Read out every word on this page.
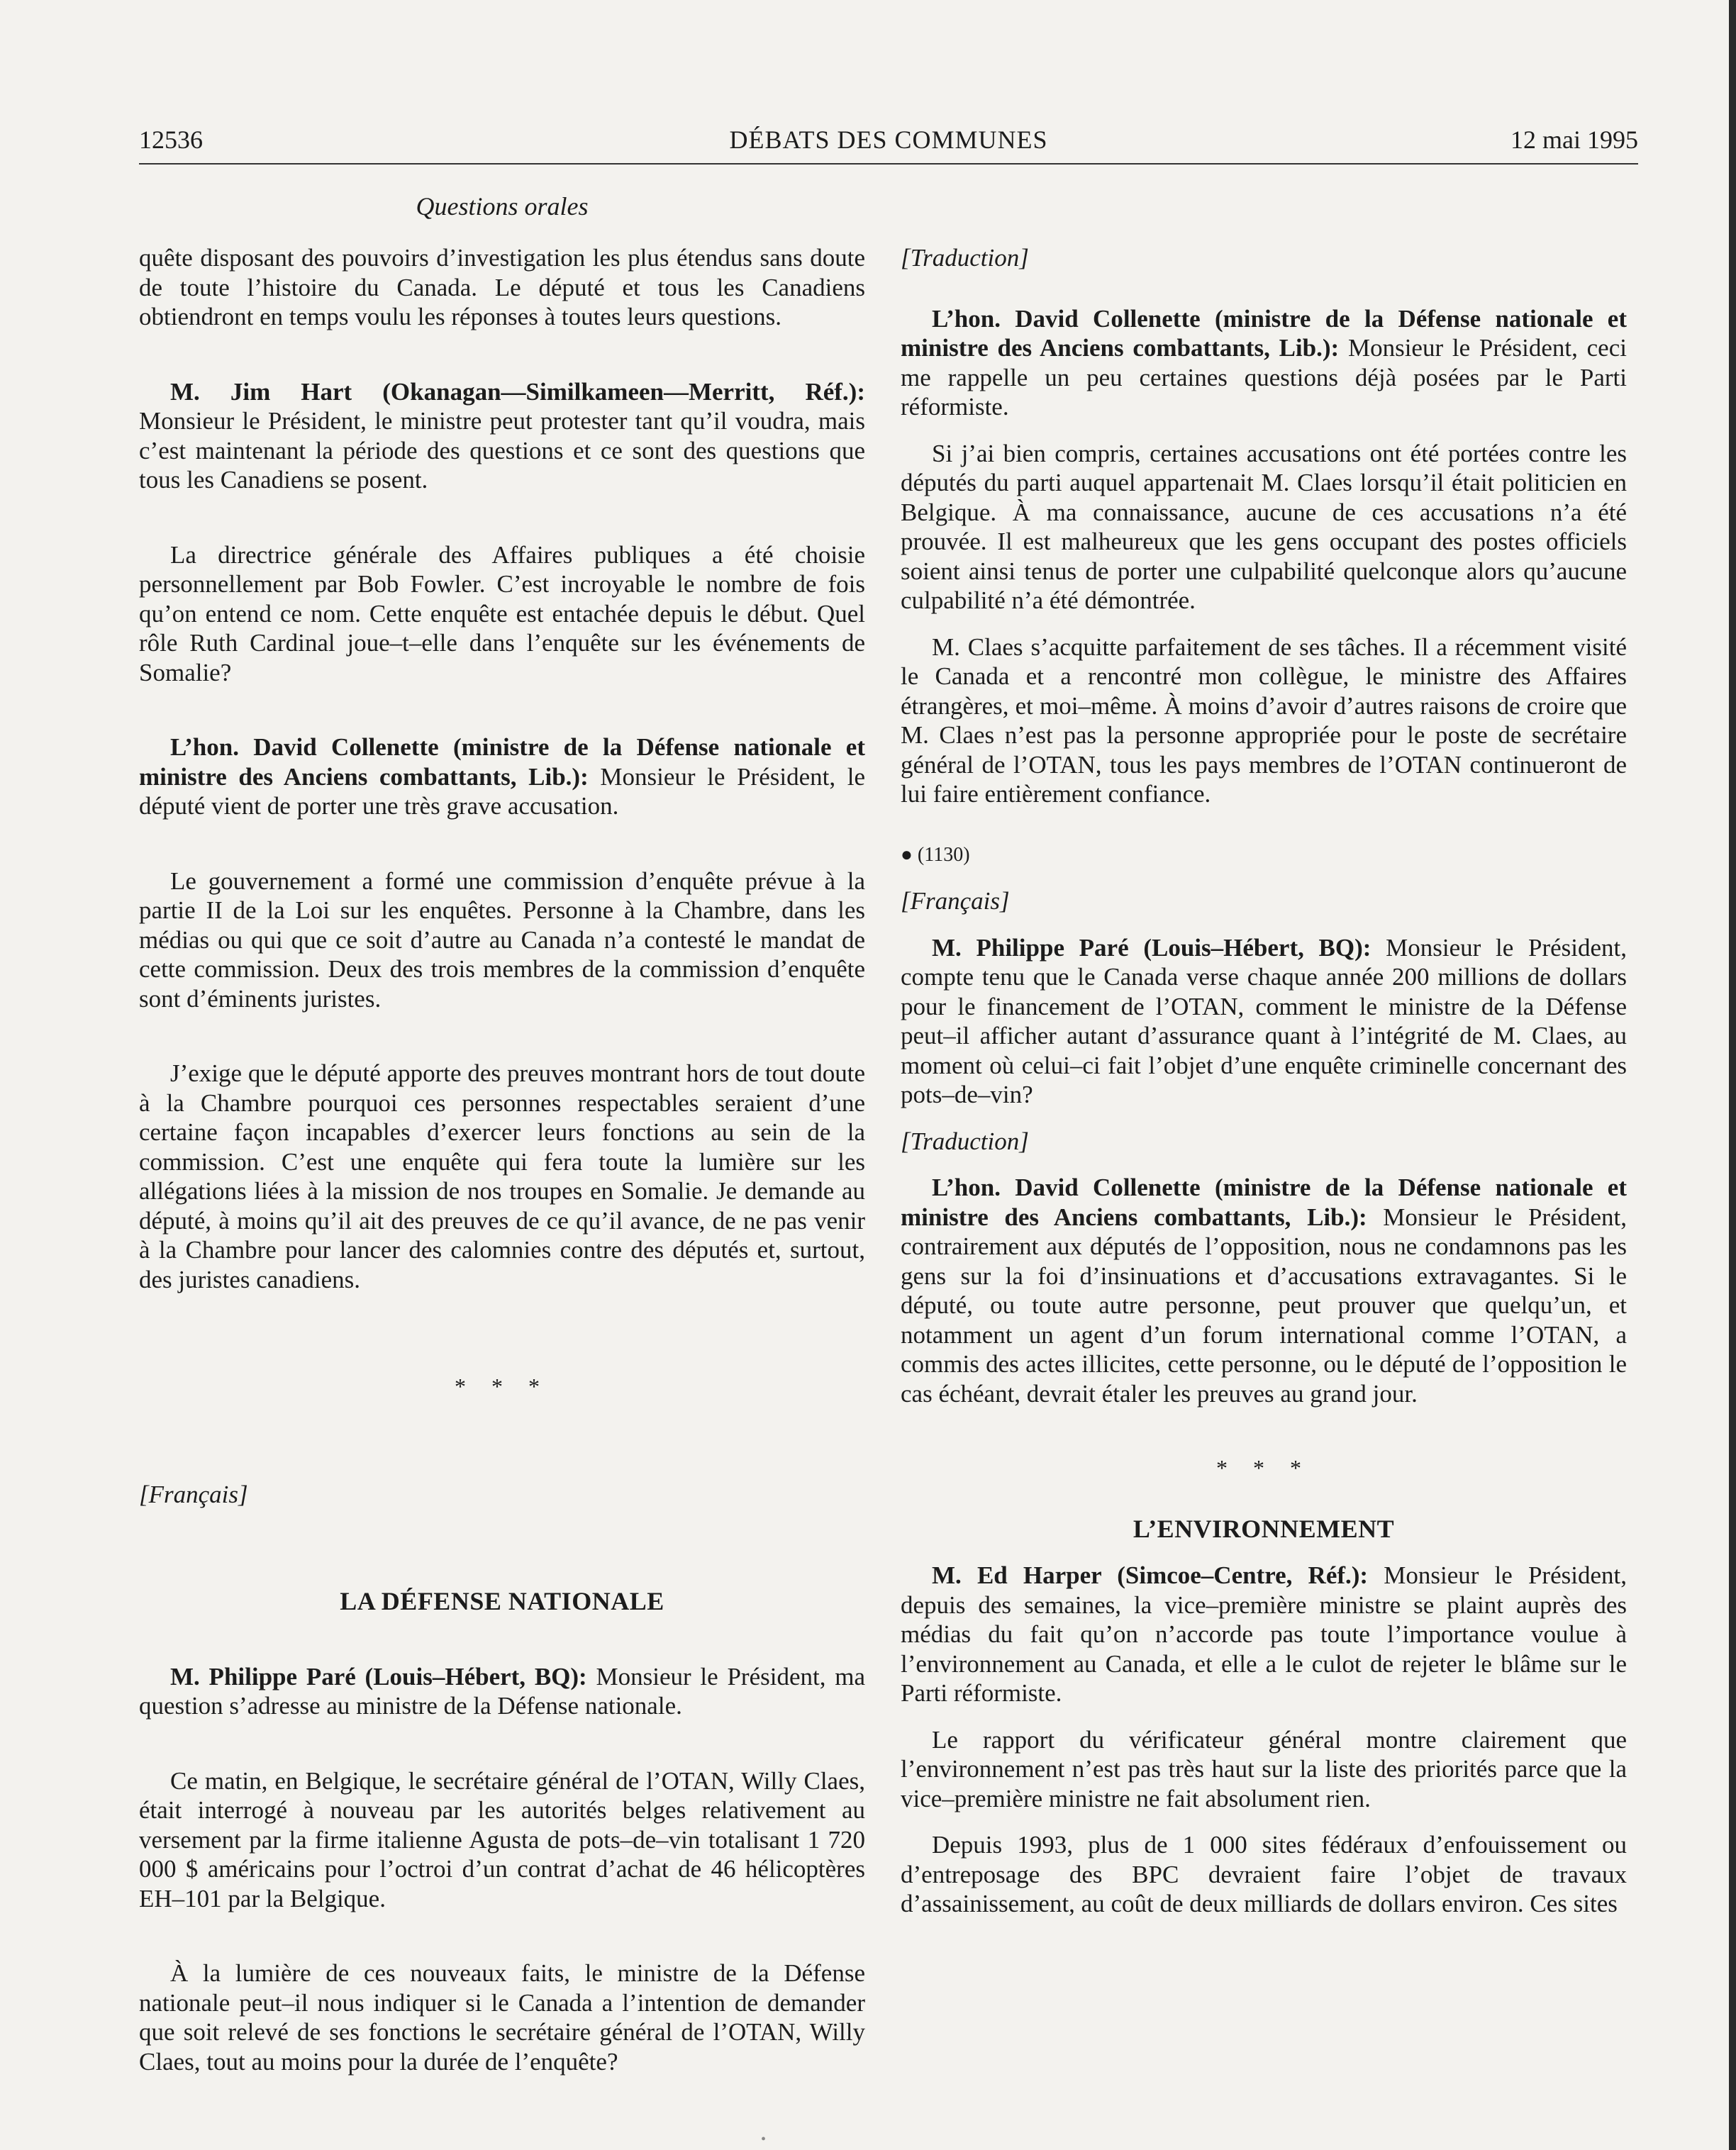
12536	DÉBATS DES COMMUNES	12 mai 1995
Questions orales

quête disposant des pouvoirs d’investigation les plus étendus sans doute de toute l’histoire du Canada. Le député et tous les Canadiens obtiendront en temps voulu les réponses à toutes leurs questions.

M. Jim Hart (Okanagan—Similkameen—Merritt, Réf.): Monsieur le Président, le ministre peut protester tant qu’il voudra, mais c’est maintenant la période des questions et ce sont des questions que tous les Canadiens se posent.

La directrice générale des Affaires publiques a été choisie personnellement par Bob Fowler. C’est incroyable le nombre de fois qu’on entend ce nom. Cette enquête est entachée depuis le début. Quel rôle Ruth Cardinal joue–t–elle dans l’enquête sur les événements de Somalie?

L’hon. David Collenette (ministre de la Défense nationale et ministre des Anciens combattants, Lib.): Monsieur le Président, le député vient de porter une très grave accusation.

Le gouvernement a formé une commission d’enquête prévue à la partie II de la Loi sur les enquêtes. Personne à la Chambre, dans les médias ou qui que ce soit d’autre au Canada n’a contesté le mandat de cette commission. Deux des trois membres de la commission d’enquête sont d’éminents juristes.

J’exige que le député apporte des preuves montrant hors de tout doute à la Chambre pourquoi ces personnes respectables seraient d’une certaine façon incapables d’exercer leurs fonctions au sein de la commission. C’est une enquête qui fera toute la lumière sur les allégations liées à la mission de nos troupes en Somalie. Je demande au député, à moins qu’il ait des preuves de ce qu’il avance, de ne pas venir à la Chambre pour lancer des calomnies contre des députés et, surtout, des juristes canadiens.

* * *

[Français]

LA DÉFENSE NATIONALE

M. Philippe Paré (Louis–Hébert, BQ): Monsieur le Président, ma question s’adresse au ministre de la Défense nationale.

Ce matin, en Belgique, le secrétaire général de l’OTAN, Willy Claes, était interrogé à nouveau par les autorités belges relativement au versement par la firme italienne Agusta de pots–de–vin totalisant 1 720 000 $ américains pour l’octroi d’un contrat d’achat de 46 hélicoptères EH–101 par la Belgique.

À la lumière de ces nouveaux faits, le ministre de la Défense nationale peut–il nous indiquer si le Canada a l’intention de demander que soit relevé de ses fonctions le secrétaire général de l’OTAN, Willy Claes, tout au moins pour la durée de l’enquête?

[Traduction]

L’hon. David Collenette (ministre de la Défense nationale et ministre des Anciens combattants, Lib.): Monsieur le Président, ceci me rappelle un peu certaines questions déjà posées par le Parti réformiste.

Si j’ai bien compris, certaines accusations ont été portées contre les députés du parti auquel appartenait M. Claes lorsqu’il était politicien en Belgique. À ma connaissance, aucune de ces accusations n’a été prouvée. Il est malheureux que les gens occupant des postes officiels soient ainsi tenus de porter une culpabilité quelconque alors qu’aucune culpabilité n’a été démontrée.

M. Claes s’acquitte parfaitement de ses tâches. Il a récemment visité le Canada et a rencontré mon collègue, le ministre des Affaires étrangères, et moi–même. À moins d’avoir d’autres raisons de croire que M. Claes n’est pas la personne appropriée pour le poste de secrétaire général de l’OTAN, tous les pays membres de l’OTAN continueront de lui faire entièrement confiance.

● (1130)

[Français]

M. Philippe Paré (Louis–Hébert, BQ): Monsieur le Président, compte tenu que le Canada verse chaque année 200 millions de dollars pour le financement de l’OTAN, comment le ministre de la Défense peut–il afficher autant d’assurance quant à l’intégrité de M. Claes, au moment où celui–ci fait l’objet d’une enquête criminelle concernant des pots–de–vin?

[Traduction]

L’hon. David Collenette (ministre de la Défense nationale et ministre des Anciens combattants, Lib.): Monsieur le Président, contrairement aux députés de l’opposition, nous ne condamnons pas les gens sur la foi d’insinuations et d’accusations extravagantes. Si le député, ou toute autre personne, peut prouver que quelqu’un, et notamment un agent d’un forum international comme l’OTAN, a commis des actes illicites, cette personne, ou le député de l’opposition le cas échéant, devrait étaler les preuves au grand jour.

* * *
L’ENVIRONNEMENT

M. Ed Harper (Simcoe–Centre, Réf.): Monsieur le Président, depuis des semaines, la vice–première ministre se plaint auprès des médias du fait qu’on n’accorde pas toute l’importance voulue à l’environnement au Canada, et elle a le culot de rejeter le blâme sur le Parti réformiste.

Le rapport du vérificateur général montre clairement que l’environnement n’est pas très haut sur la liste des priorités parce que la vice–première ministre ne fait absolument rien.

Depuis 1993, plus de 1 000 sites fédéraux d’enfouissement ou d’entreposage des BPC devraient faire l’objet de travaux d’assainissement, au coût de deux milliards de dollars environ. Ces sites

•
